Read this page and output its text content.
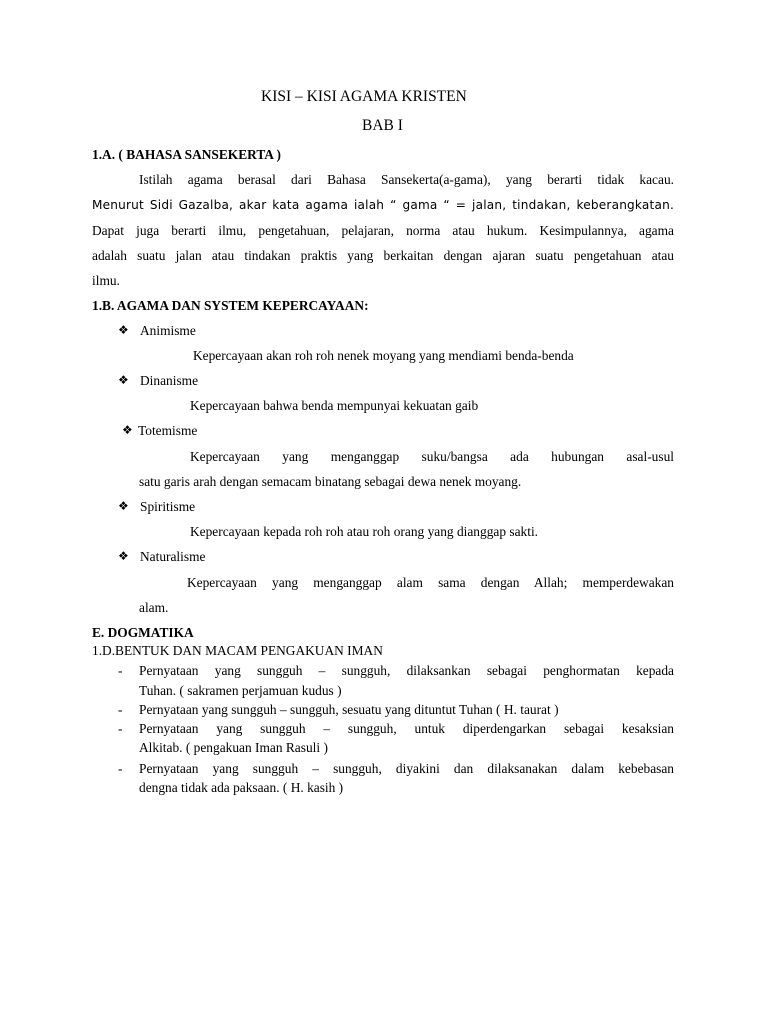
KISI – KISI AGAMA KRISTEN
BAB I
1.A. ( BAHASA SANSEKERTA )
Istilah agama berasal dari Bahasa Sansekerta(a-gama), yang berarti tidak kacau.
Menurut Sidi Gazalba, akar kata agama ialah “ gama “ = jalan, tindakan, keberangkatan.
Dapat juga berarti ilmu, pengetahuan, pelajaran, norma atau hukum. Kesimpulannya, agama
adalah suatu jalan atau tindakan praktis yang berkaitan dengan ajaran suatu pengetahuan atau
ilmu.
1.B. AGAMA DAN SYSTEM KEPERCAYAAN:
❖ Animisme
Kepercayaan akan roh roh nenek moyang yang mendiami benda-benda
❖ Dinanisme
Kepercayaan bahwa benda mempunyai kekuatan gaib
❖ Totemisme
Kepercayaan yang menganggap suku/bangsa ada hubungan asal-usul
satu garis arah dengan semacam binatang sebagai dewa nenek moyang.
❖ Spiritisme
Kepercayaan kepada roh roh atau roh orang yang dianggap sakti.
❖ Naturalisme
Kepercayaan yang menganggap alam sama dengan Allah; memperdewakan
alam.
E. DOGMATIKA
1.D.BENTUK DAN MACAM PENGAKUAN IMAN
- Pernyataan yang sungguh – sungguh, dilaksankan sebagai penghormatan kepada
Tuhan. ( sakramen perjamuan kudus )
- Pernyataan yang sungguh – sungguh, sesuatu yang dituntut Tuhan ( H. taurat )
- Pernyataan yang sungguh – sungguh, untuk diperdengarkan sebagai kesaksian
Alkitab. ( pengakuan Iman Rasuli )
- Pernyataan yang sungguh – sungguh, diyakini dan dilaksanakan dalam kebebasan
dengna tidak ada paksaan. ( H. kasih )
